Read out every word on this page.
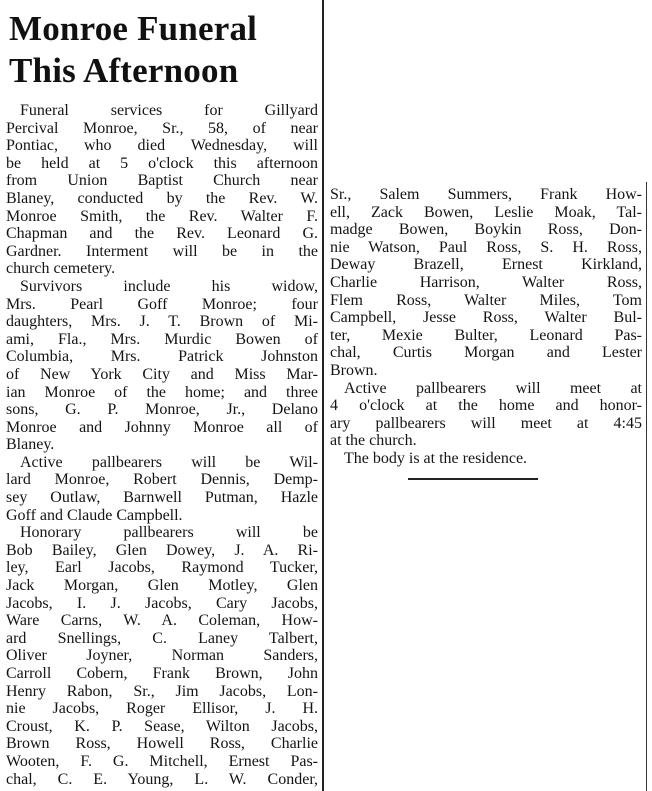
Monroe Funeral
This Afternoon
Funeral services for Gillyard
Percival Monroe, Sr., 58, of near
Pontiac, who died Wednesday, will
be held at 5 o'clock this afternoon
from Union Baptist Church near
Blaney, conducted by the Rev. W.
Monroe Smith, the Rev. Walter F.
Chapman and the Rev. Leonard G.
Gardner. Interment will be in the
church cemetery.
Survivors include his widow,
Mrs. Pearl Goff Monroe; four
daughters, Mrs. J. T. Brown of Mi-
ami, Fla., Mrs. Murdic Bowen of
Columbia, Mrs. Patrick Johnston
of New York City and Miss Mar-
ian Monroe of the home; and three
sons, G. P. Monroe, Jr., Delano
Monroe and Johnny Monroe all of
Blaney.
Active pallbearers will be Wil-
lard Monroe, Robert Dennis, Demp-
sey Outlaw, Barnwell Putman, Hazle
Goff and Claude Campbell.
Honorary pallbearers will be
Bob Bailey, Glen Dowey, J. A. Ri-
ley, Earl Jacobs, Raymond Tucker,
Jack Morgan, Glen Motley, Glen
Jacobs, I. J. Jacobs, Cary Jacobs,
Ware Carns, W. A. Coleman, How-
ard Snellings, C. Laney Talbert,
Oliver Joyner, Norman Sanders,
Carroll Cobern, Frank Brown, John
Henry Rabon, Sr., Jim Jacobs, Lon-
nie Jacobs, Roger Ellisor, J. H.
Croust, K. P. Sease, Wilton Jacobs,
Brown Ross, Howell Ross, Charlie
Wooten, F. G. Mitchell, Ernest Pas-
chal, C. E. Young, L. W. Conder,
Sr., Salem Summers, Frank How-
ell, Zack Bowen, Leslie Moak, Tal-
madge Bowen, Boykin Ross, Don-
nie Watson, Paul Ross, S. H. Ross,
Deway Brazell, Ernest Kirkland,
Charlie Harrison, Walter Ross,
Flem Ross, Walter Miles, Tom
Campbell, Jesse Ross, Walter Bul-
ter, Mexie Bulter, Leonard Pas-
chal, Curtis Morgan and Lester
Brown.
Active pallbearers will meet at
4 o'clock at the home and honor-
ary pallbearers will meet at 4:45
at the church.
The body is at the residence.
